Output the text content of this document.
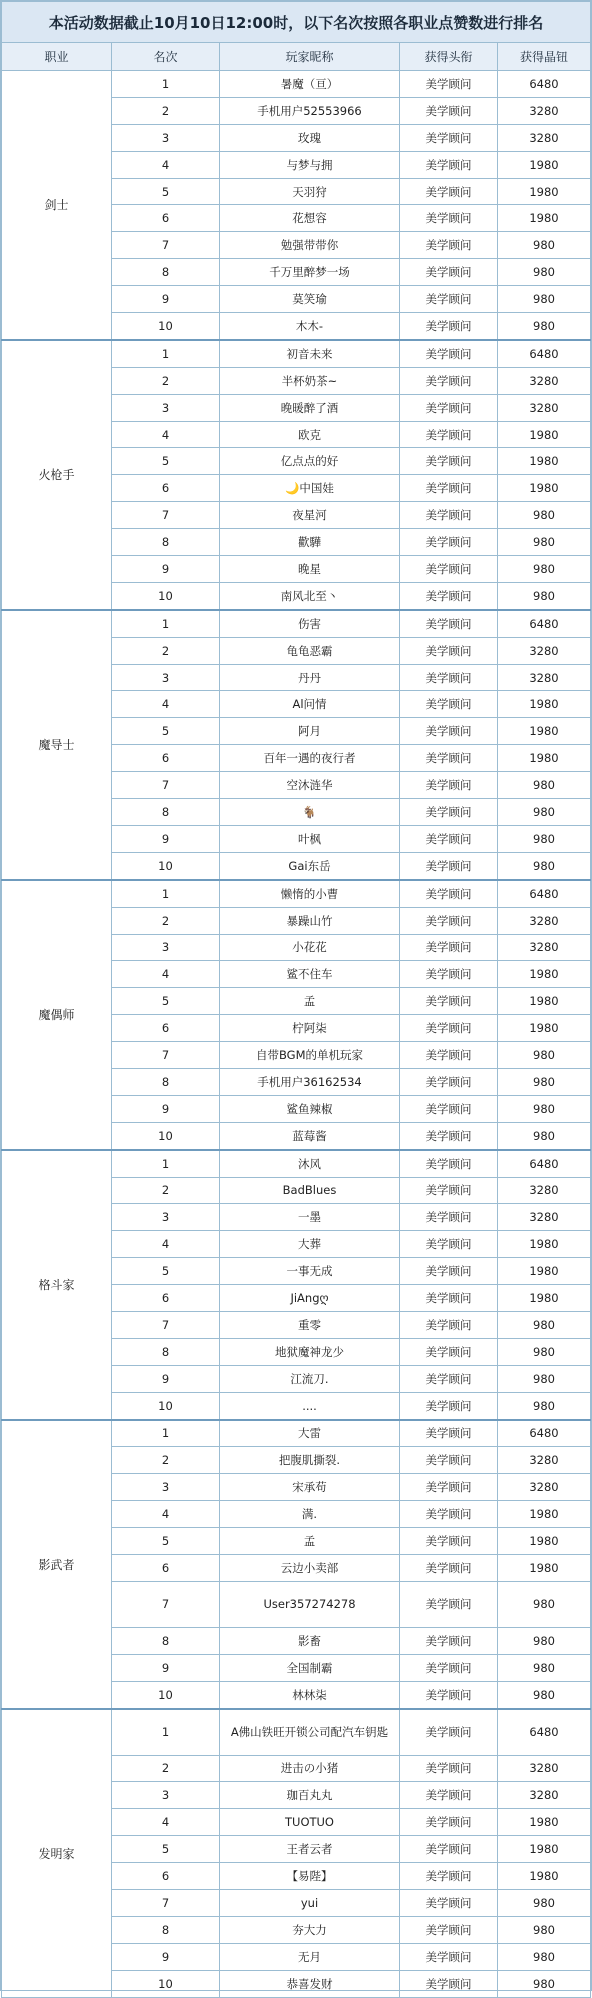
本活动数据截止10月10日12:00时，以下名次按照各职业点赞数进行排名				
职业	名次	玩家昵称	获得头衔	获得晶钮
剑士	1	暑魔（亘）	美学顾问	6480
	2	手机用户52553966	美学顾问	3280
	3	玫瑰	美学顾问	3280
	4	与梦与拥	美学顾问	1980
	5	天羽狩	美学顾问	1980
	6	花想容	美学顾问	1980
	7	勉强带带你	美学顾问	980
	8	千万里醉梦一场	美学顾问	980
	9	莫笑瑜	美学顾问	980
	10	木木-	美学顾问	980
火枪手	1	初音未来	美学顾问	6480
	2	半杯奶茶~	美学顾问	3280
	3	晚暖醉了酒	美学顾问	3280
	4	欧克	美学顾问	1980
	5	亿点点的好	美学顾问	1980
	6	🌙中国娃	美学顾问	1980
	7	夜星河	美学顾问	980
	8	歡驊	美学顾问	980
	9	晚星	美学顾问	980
	10	南风北至丶	美学顾问	980
魔导士	1	伤害	美学顾问	6480
	2	龟龟恶霸	美学顾问	3280
	3	丹丹	美学顾问	3280
	4	Al问情	美学顾问	1980
	5	阿月	美学顾问	1980
	6	百年一遇的夜行者	美学顾问	1980
	7	空沐涟华	美学顾问	980
	8	🐐	美学顾问	980
	9	叶枫	美学顾问	980
	10	Gai东岳	美学顾问	980
魔偶师	1	懒惰的小曹	美学顾问	6480
	2	暴躁山竹	美学顾问	3280
	3	小花花	美学顾问	3280
	4	鲨不住车	美学顾问	1980
	5	孟	美学顾问	1980
	6	柠阿柒	美学顾问	1980
	7	自带BGM的单机玩家	美学顾问	980
	8	手机用户36162534	美学顾问	980
	9	鲨鱼辣椒	美学顾问	980
	10	蓝莓酱	美学顾问	980
格斗家	1	沐风	美学顾问	6480
	2	BadBlues	美学顾问	3280
	3	一墨	美学顾问	3280
	4	大葬	美学顾问	1980
	5	一事无成	美学顾问	1980
	6	JiAngღ	美学顾问	1980
	7	重零	美学顾问	980
	8	地狱魔神龙少	美学顾问	980
	9	江流刀.	美学顾问	980
	10	....	美学顾问	980
影武者	1	大雷	美学顾问	6480
	2	把腹肌撕裂.	美学顾问	3280
	3	宋承苟	美学顾问	3280
	4	满.	美学顾问	1980
	5	孟	美学顾问	1980
	6	云边小卖部	美学顾问	1980
	7	User357274278	美学顾问	980
	8	影畜	美学顾问	980
	9	全国制霸	美学顾问	980
	10	林林柒	美学顾问	980
发明家	1	A佛山铁旺开锁公司配汽车钥匙	美学顾问	6480
	2	进击の小猪	美学顾问	3280
	3	珈百丸丸	美学顾问	3280
	4	TUOTUO	美学顾问	1980
	5	王者云者	美学顾问	1980
	6	【易陛】	美学顾问	1980
	7	yui	美学顾问	980
	8	夯大力	美学顾问	980
	9	无月	美学顾问	980
	10	恭喜发财	美学顾问	980
